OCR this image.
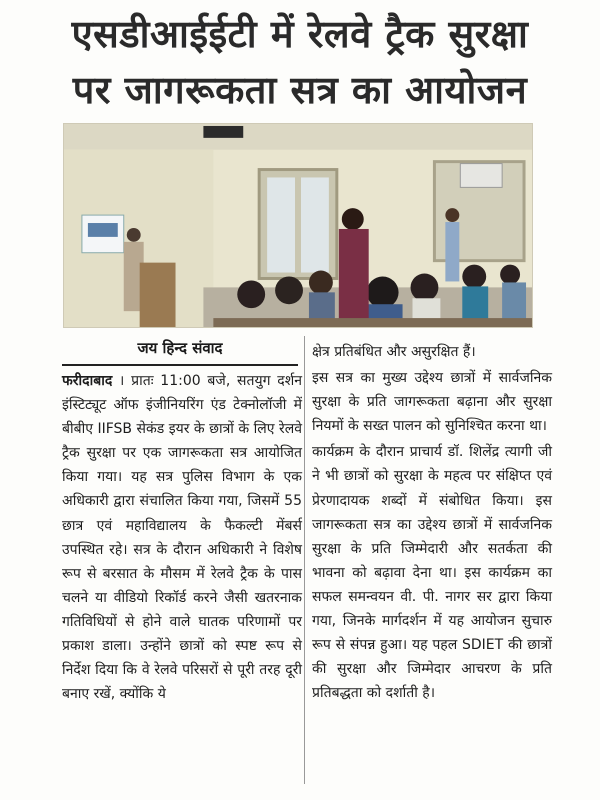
एसडीआईईटी में रेलवे ट्रैक सुरक्षा
पर जागरूकता सत्र का आयोजन
जय हिन्द संवाद

फरीदाबाद । प्रातः 11:00 बजे, सतयुग दर्शन इंस्टिट्यूट ऑफ इंजीनियरिंग एंड टेक्नोलॉजी में बीबीए IIFSB सेकंड इयर के छात्रों के लिए रेलवे ट्रैक सुरक्षा पर एक जागरूकता सत्र आयोजित किया गया। यह सत्र पुलिस विभाग के एक अधिकारी द्वारा संचालित किया गया, जिसमें 55 छात्र एवं महाविद्यालय के फैकल्टी मेंबर्स उपस्थित रहे। सत्र के दौरान अधिकारी ने विशेष रूप से बरसात के मौसम में रेलवे ट्रैक के पास चलने या वीडियो रिकॉर्ड करने जैसी खतरनाक गतिविधियों से होने वाले घातक परिणामों पर प्रकाश डाला। उन्होंने छात्रों को स्पष्ट रूप से निर्देश दिया कि वे रेलवे परिसरों से पूरी तरह दूरी बनाए रखें, क्योंकि ये

क्षेत्र प्रतिबंधित और असुरक्षित हैं।

इस सत्र का मुख्य उद्देश्य छात्रों में सार्वजनिक सुरक्षा के प्रति जागरूकता बढ़ाना और सुरक्षा नियमों के सख्त पालन को सुनिश्चित करना था।

कार्यक्रम के दौरान प्राचार्य डॉ. शिलेंद्र त्यागी जी ने भी छात्रों को सुरक्षा के महत्व पर संक्षिप्त एवं प्रेरणादायक शब्दों में संबोधित किया। इस जागरूकता सत्र का उद्देश्य छात्रों में सार्वजनिक सुरक्षा के प्रति जिम्मेदारी और सतर्कता की भावना को बढ़ावा देना था। इस कार्यक्रम का सफल समन्वयन वी. पी. नागर सर द्वारा किया गया, जिनके मार्गदर्शन में यह आयोजन सुचारु रूप से संपन्न हुआ। यह पहल SDIET की छात्रों की सुरक्षा और जिम्मेदार आचरण के प्रति प्रतिबद्धता को दर्शाती है।
